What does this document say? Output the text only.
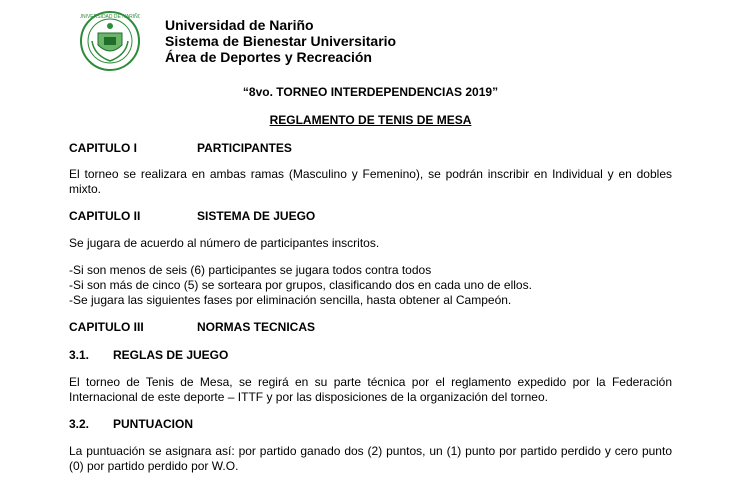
UNIVERSIDAD DE NARIÑO Universidad de Nariño
Sistema de Bienestar Universitario
Área de Deportes y Recreación
“8vo. TORNEO INTERDEPENDENCIAS 2019”
REGLAMENTO DE TENIS DE MESA
CAPITULO I	PARTICIPANTES
El torneo se realizara en ambas ramas (Masculino y Femenino), se podrán inscribir en Individual y en dobles mixto.
CAPITULO II	SISTEMA DE JUEGO
Se jugara de acuerdo al número de participantes inscritos.
-Si son menos de seis (6) participantes se jugara todos contra todos
-Si son más de cinco (5) se sorteara por grupos, clasificando dos en cada uno de ellos.
-Se jugara las siguientes fases por eliminación sencilla, hasta obtener al Campeón.
CAPITULO III	NORMAS TECNICAS
3.1. REGLAS DE JUEGO
El torneo de Tenis de Mesa, se regirá en su parte técnica por el reglamento expedido por la Federación Internacional de este deporte – ITTF y por las disposiciones de la organización del torneo.
3.2. PUNTUACION
La puntuación se asignara así: por partido ganado dos (2) puntos, un (1) punto por partido perdido y cero punto (0) por partido perdido por W.O.
